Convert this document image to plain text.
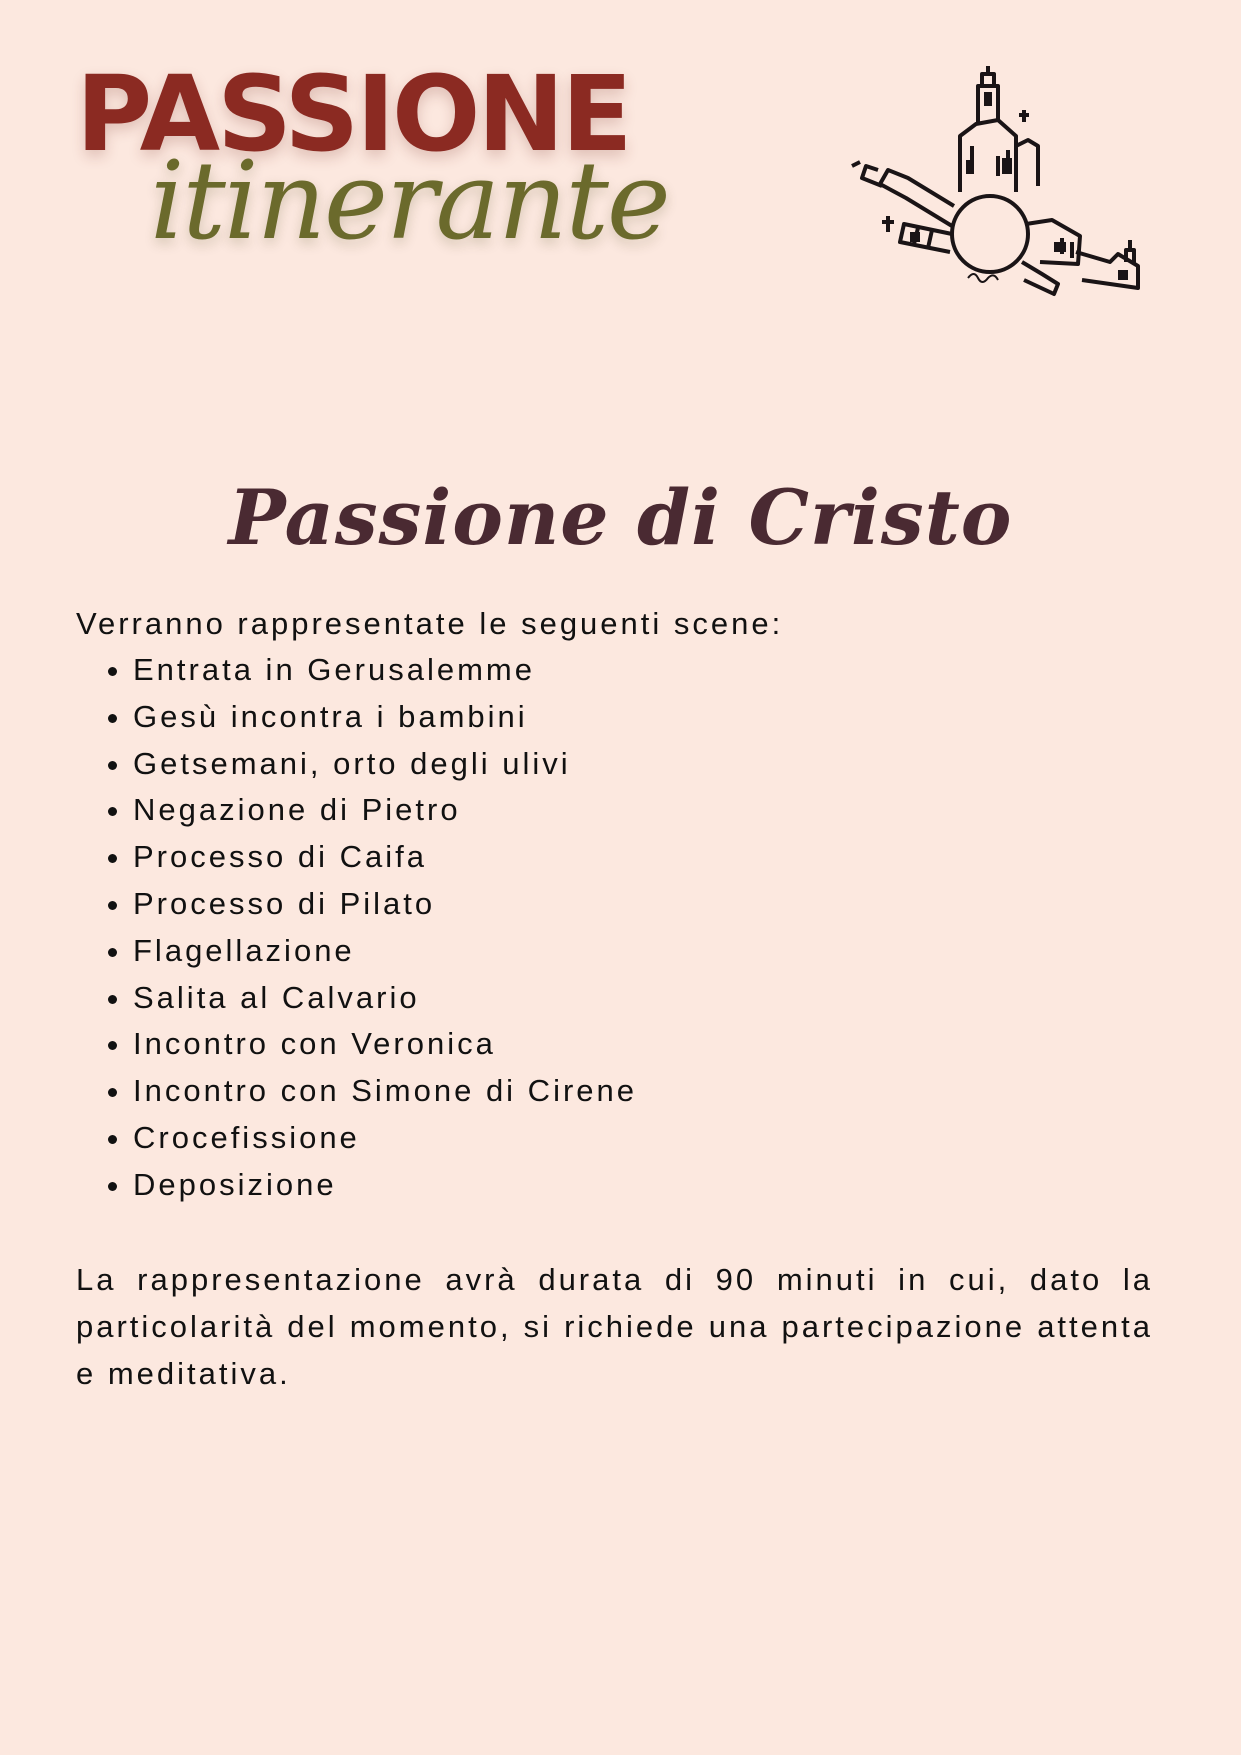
PASSIONE
itinerante
Passione di Cristo

Verranno rappresentate le seguenti scene:

• Entrata in Gerusalemme
• Gesù incontra i bambini
• Getsemani, orto degli ulivi
• Negazione di Pietro
• Processo di Caifa
• Processo di Pilato
• Flagellazione
• Salita al Calvario
• Incontro con Veronica
• Incontro con Simone di Cirene
• Crocefissione
• Deposizione

La rappresentazione avrà durata di 90 minuti in cui, dato la particolarità del momento, si richiede una partecipazione attenta e meditativa.
